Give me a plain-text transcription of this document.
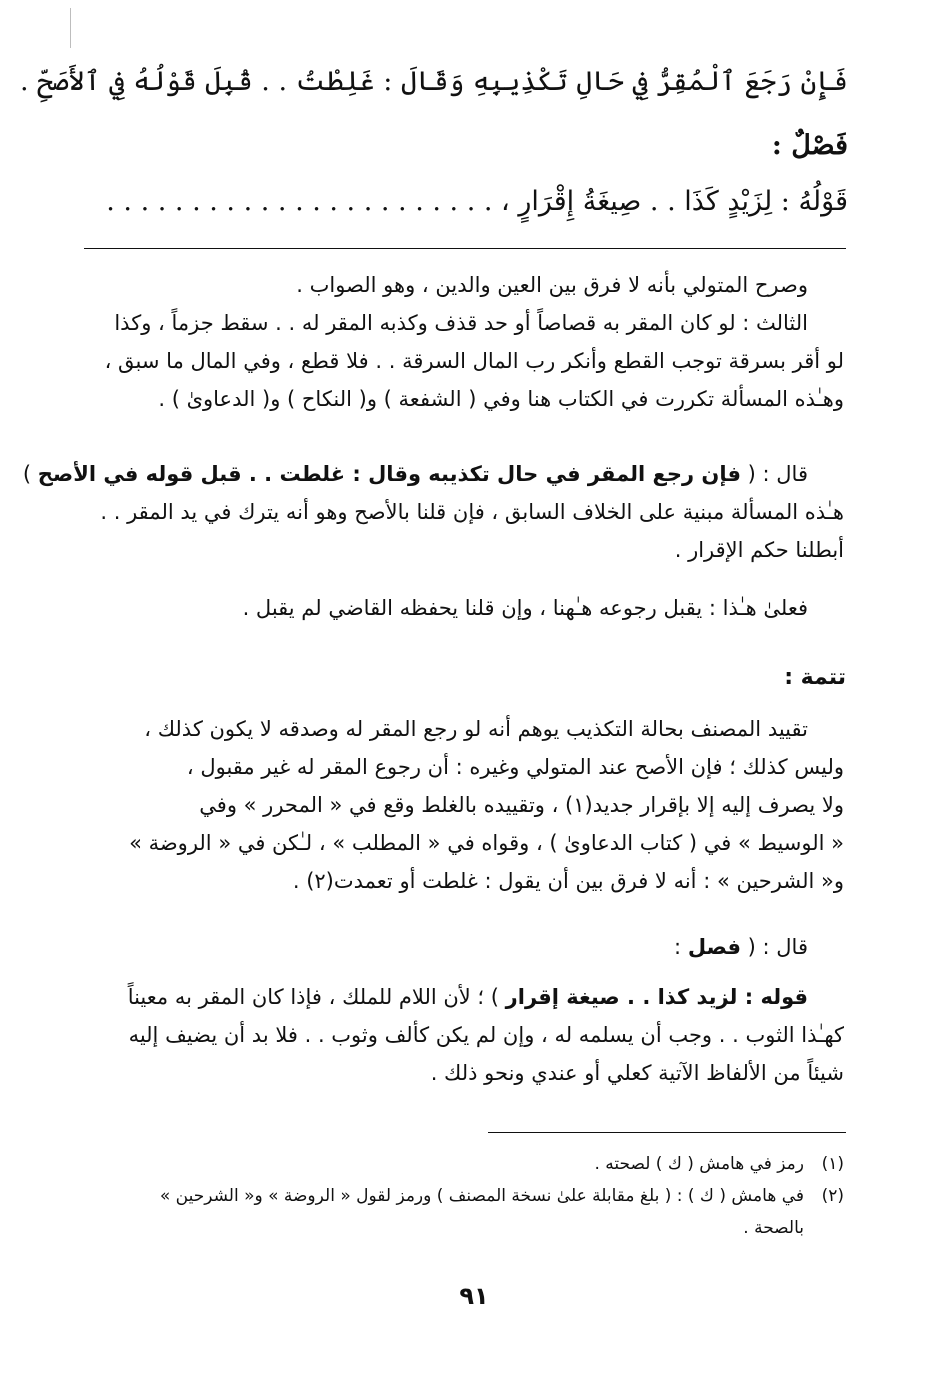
فَإِنْ رَجَعَ ٱلْمُقِرُّ فِي حَالِ تَكْذِيبِهِ وَقَالَ : غَلِطْتُ . . قُبِلَ قَوْلُهُ فِي ٱلأَصَحِّ .
فَصْلٌ :
قَوْلُهُ : لِزَيْدٍ كَذَا . . صِيغَةُ إِقْرَارٍ ، . . . . . . . . . . . . . . . . . . . . . . .
وصرح المتولي بأنه لا فرق بين العين والدين ، وهو الصواب .
الثالث : لو كان المقر به قصاصاً أو حد قذف وكذبه المقر له . . سقط جزماً ، وكذا
لو أقر بسرقة توجب القطع وأنكر رب المال السرقة . . فلا قطع ، وفي المال ما سبق ،
وهـٰذه المسألة تكررت في الكتاب هنا وفي ( الشفعة ) و( النكاح ) و( الدعاوىٰ ) .
قال : ( فإن رجع المقر في حال تكذيبه وقال : غلطت . . قبل قوله في الأصح )
هـٰذه المسألة مبنية على الخلاف السابق ، فإن قلنا بالأصح وهو أنه يترك في يد المقر . .
أبطلنا حكم الإقرار .
فعلىٰ هـٰذا : يقبل رجوعه هـٰهنا ، وإن قلنا يحفظه القاضي لم يقبل .
تتمة :
تقييد المصنف بحالة التكذيب يوهم أنه لو رجع المقر له وصدقه لا يكون كذلك ،
وليس كذلك ؛ فإن الأصح عند المتولي وغيره : أن رجوع المقر له غير مقبول ،
ولا يصرف إليه إلا بإقرار جديد(١) ، وتقييده بالغلط وقع في « المحرر » وفي
« الوسيط » في ( كتاب الدعاوىٰ ) ، وقواه في « المطلب » ، لـٰكن في « الروضة »
و« الشرحين » : أنه لا فرق بين أن يقول : غلطت أو تعمدت(٢) .
قال : ( فصل :
قوله : لزيد كذا . . صيغة إقرار ) ؛ لأن اللام للملك ، فإذا كان المقر به معيناً
كهـٰذا الثوب . . وجب أن يسلمه له ، وإن لم يكن كألف وثوب . . فلا بد أن يضيف إليه
شيئاً من الألفاظ الآتية كعلي أو عندي ونحو ذلك .
(١)رمز في هامش ( ك ) لصحته .
(٢)في هامش ( ك ) : ( بلغ مقابلة علىٰ نسخة المصنف ) ورمز لقول « الروضة » و« الشرحين »
بالصحة .
٩١
